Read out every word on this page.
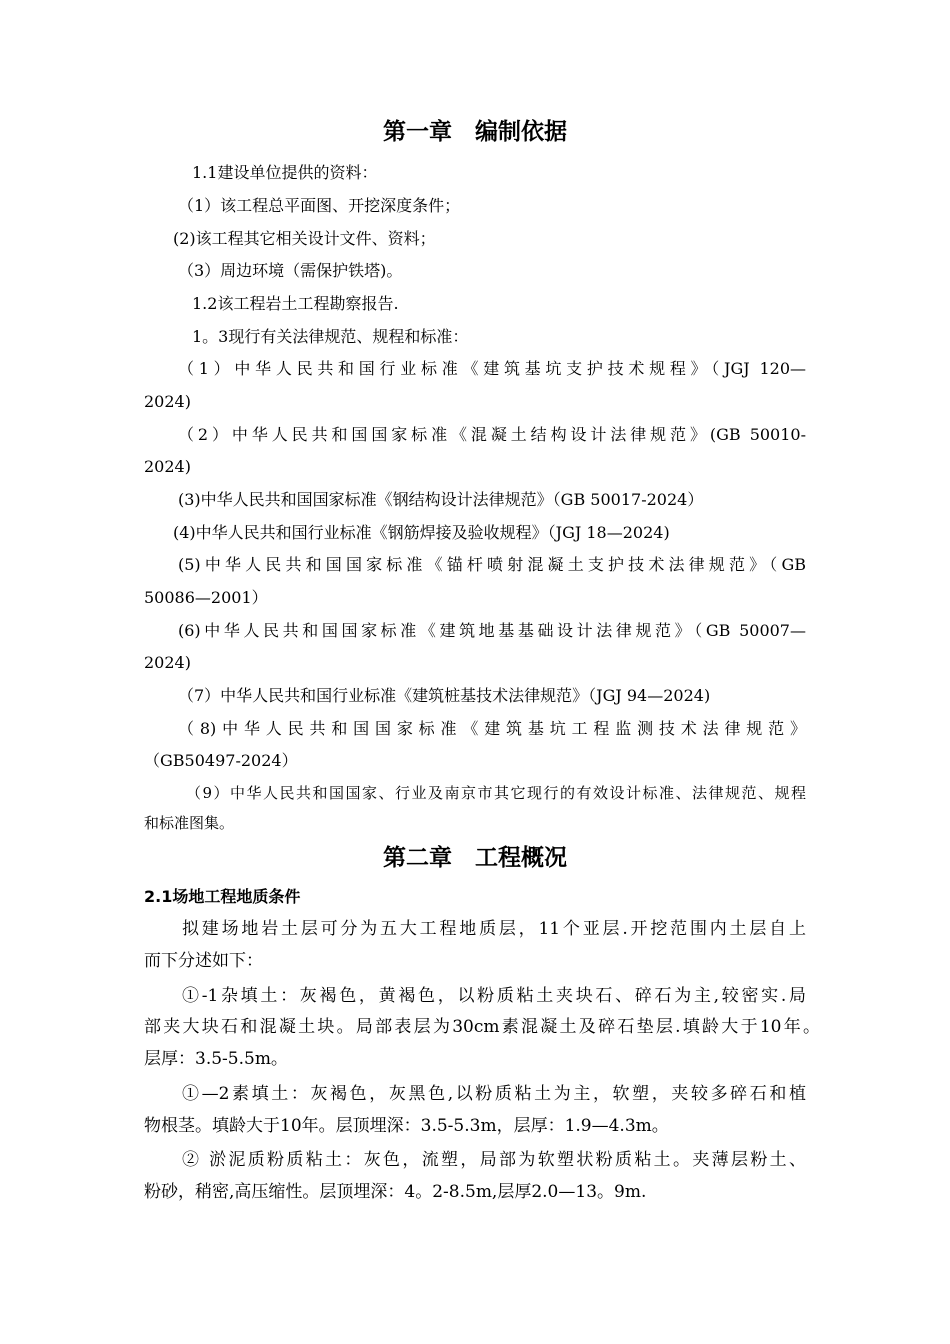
第一章　编制依据
1.1建设单位提供的资料：
（1）该工程总平面图、开挖深度条件；
(2)该工程其它相关设计文件、资料；
（3）周边环境（需保护铁塔)。
1.2该工程岩土工程勘察报告.
1。3现行有关法律规范、规程和标准：
（1）中华人民共和国行业标准《建筑基坑支护技术规程》（JGJ 120—
2024)
（2）中华人民共和国国家标准《混凝土结构设计法律规范》(GB 50010-
2024)
(3)中华人民共和国国家标准《钢结构设计法律规范》（GB 50017-2024）
(4)中华人民共和国行业标准《钢筋焊接及验收规程》（JGJ 18—2024)
(5)中华人民共和国国家标准《锚杆喷射混凝土支护技术法律规范》（GB
50086—2001）
(6)中华人民共和国国家标准《建筑地基基础设计法律规范》（GB 50007—
2024)
（7）中华人民共和国行业标准《建筑桩基技术法律规范》（JGJ 94—2024)
（8)中华人民共和国国家标准《建筑基坑工程监测技术法律规范》
（GB50497-2024）
（9）中华人民共和国国家、行业及南京市其它现行的有效设计标准、法律规范、规程
和标准图集。
第二章　工程概况
2.1场地工程地质条件
拟建场地岩土层可分为五大工程地质层，11个亚层.开挖范围内土层自上
而下分述如下：
①-1杂填土：灰褐色，黄褐色，以粉质粘土夹块石、碎石为主,较密实.局
部夹大块石和混凝土块。局部表层为30cm素混凝土及碎石垫层.填龄大于10年。
层厚：3.5-5.5m。
①—2素填土：灰褐色，灰黑色,以粉质粘土为主，软塑，夹较多碎石和植
物根茎。填龄大于10年。层顶埋深：3.5-5.3m，层厚：1.9—4.3m。
② 淤泥质粉质粘土：灰色，流塑，局部为软塑状粉质粘土。夹薄层粉土、
粉砂，稍密,高压缩性。层顶埋深：4。2-8.5m,层厚2.0—13。9m.
